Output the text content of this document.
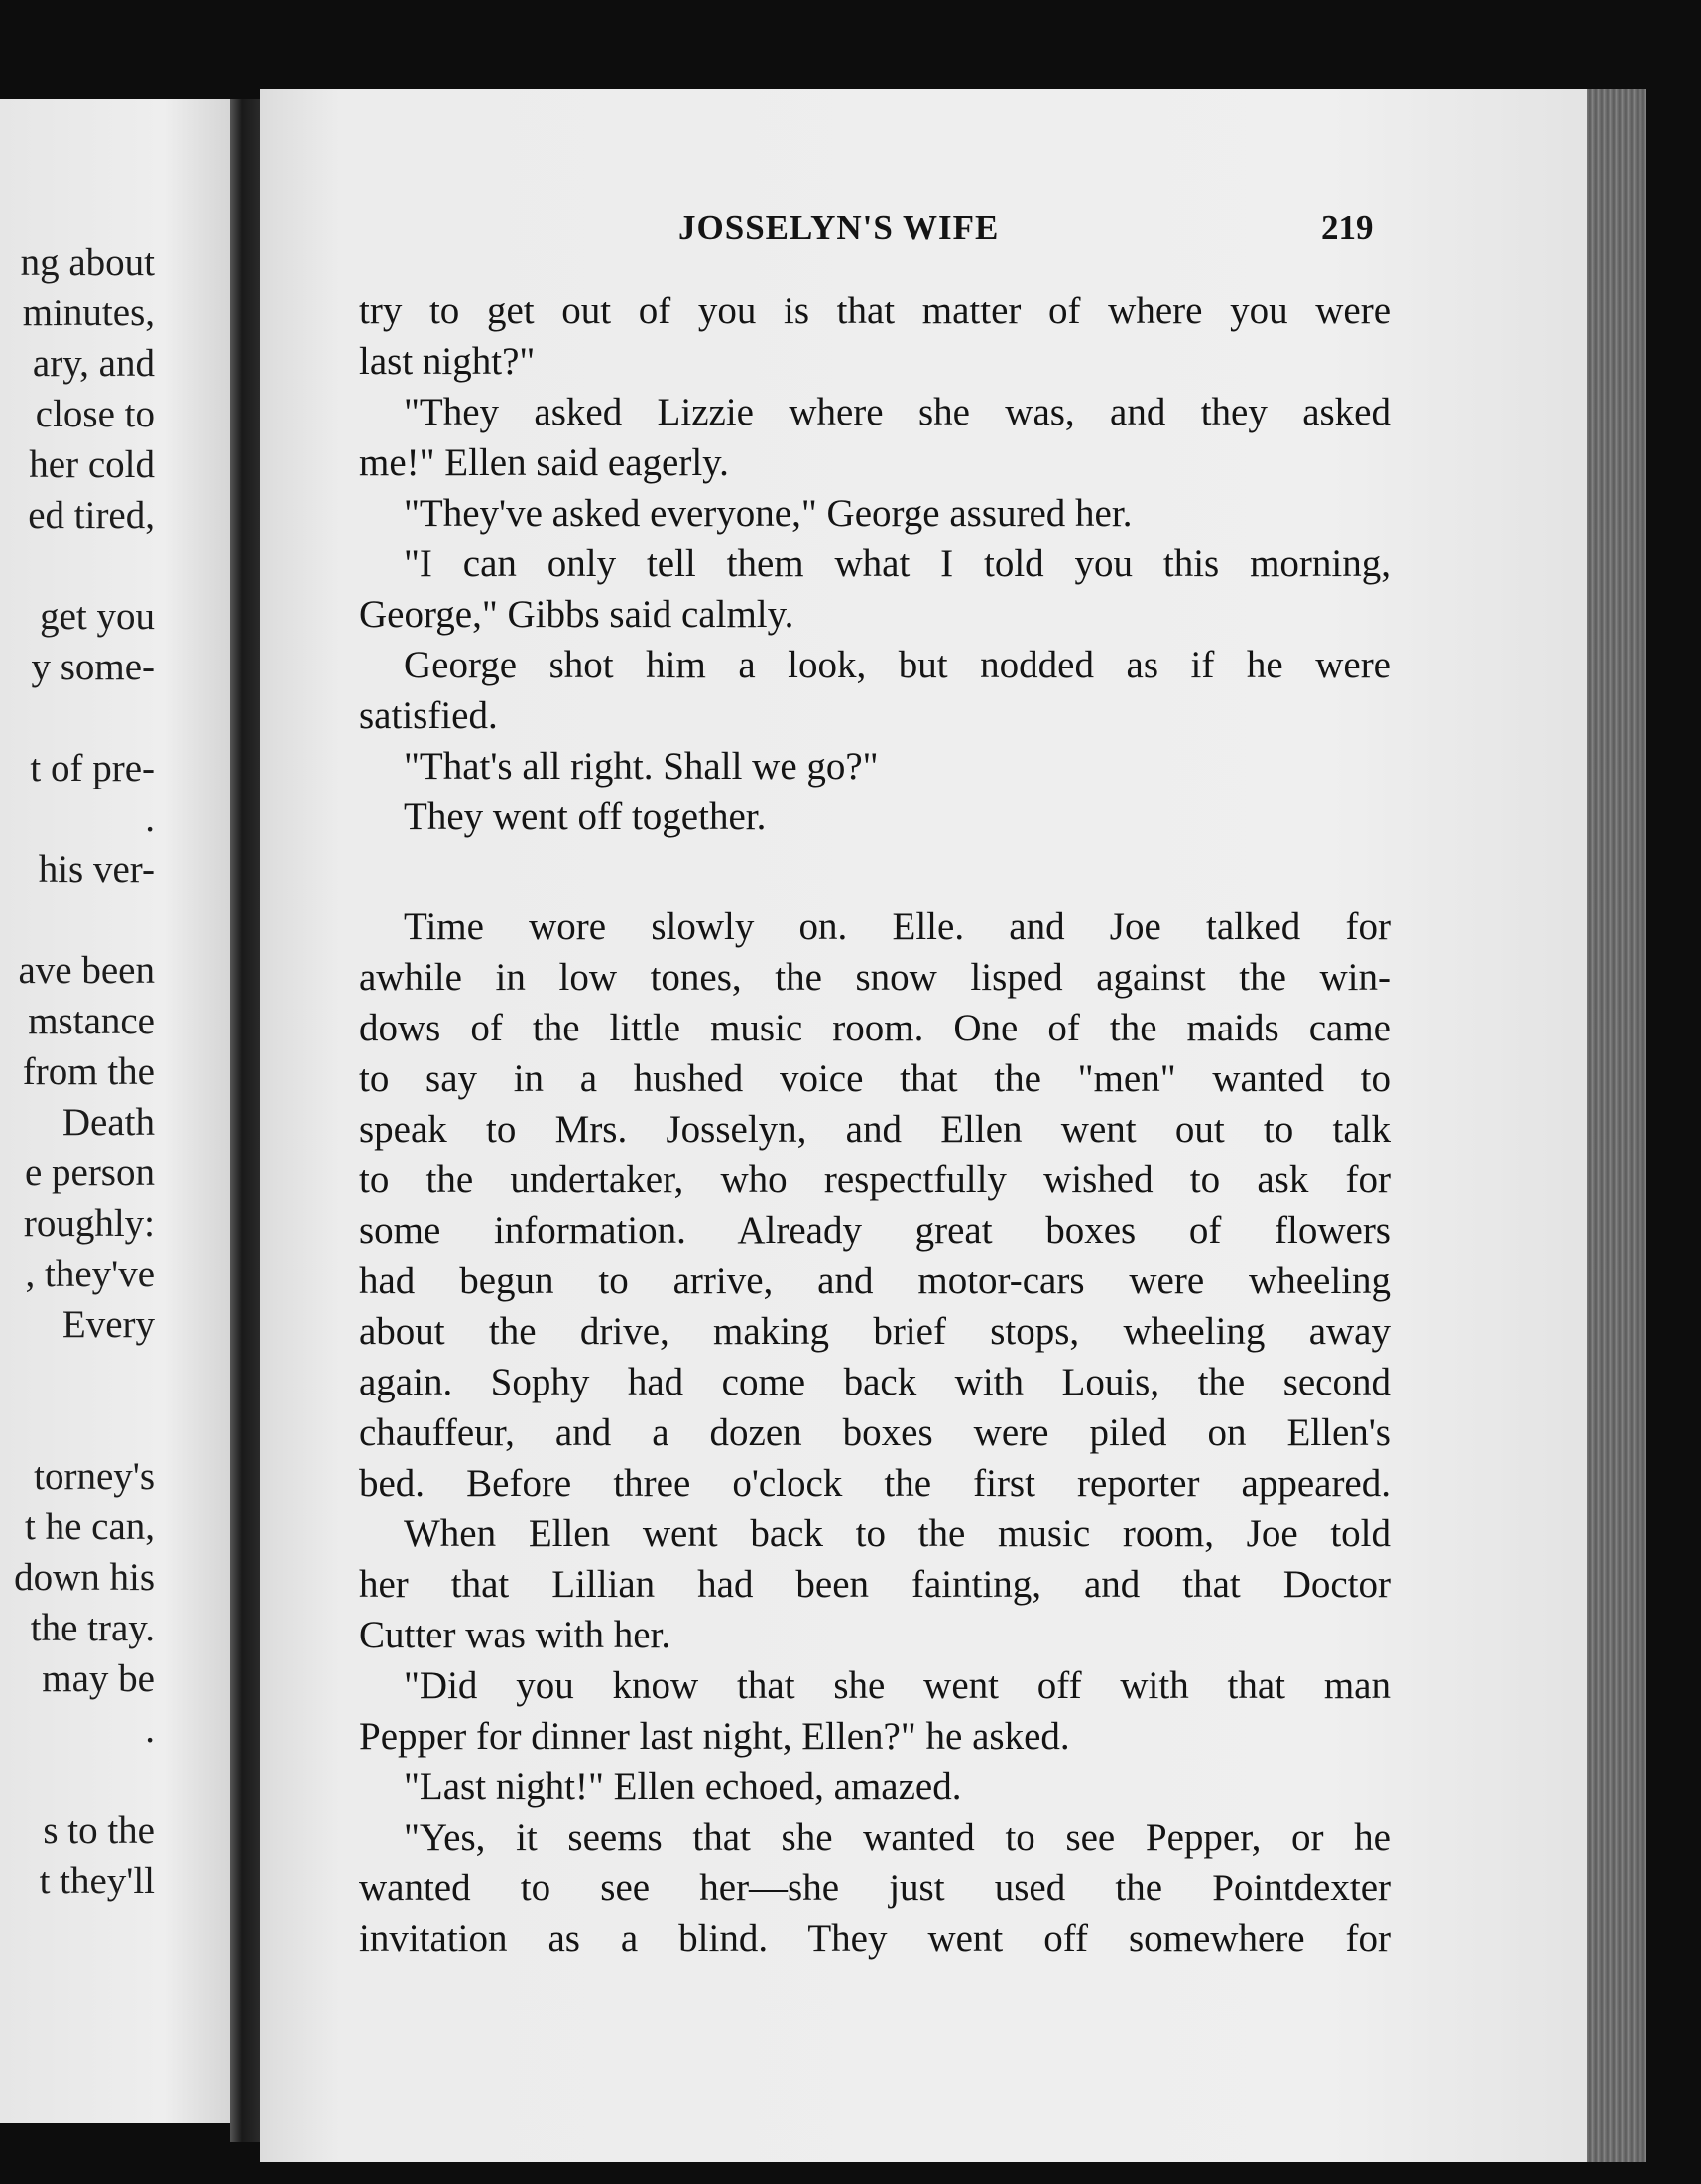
ng about
minutes,
ary, and
close to
her cold
ed tired,
get you
y some-
t of pre-
.
his ver-
ave been
mstance
from the
Death
e person
roughly:
, they've
Every
torney's
t he can,
down his
the tray.
may be
.
s to the
t they'll
JOSSELYN'S WIFE	219
try to get out of you is that matter of where you were
last night?"
"They asked Lizzie where she was, and they asked
me!" Ellen said eagerly.
"They've asked everyone," George assured her.
"I can only tell them what I told you this morning,
George," Gibbs said calmly.
George shot him a look, but nodded as if he were
satisfied.
"That's all right. Shall we go?"
They went off together.
Time wore slowly on. Elle. and Joe talked for
awhile in low tones, the snow lisped against the win-
dows of the little music room. One of the maids came
to say in a hushed voice that the "men" wanted to
speak to Mrs. Josselyn, and Ellen went out to talk
to the undertaker, who respectfully wished to ask for
some information. Already great boxes of flowers
had begun to arrive, and motor-cars were wheeling
about the drive, making brief stops, wheeling away
again. Sophy had come back with Louis, the second
chauffeur, and a dozen boxes were piled on Ellen's
bed. Before three o'clock the first reporter appeared.
When Ellen went back to the music room, Joe told
her that Lillian had been fainting, and that Doctor
Cutter was with her.
"Did you know that she went off with that man
Pepper for dinner last night, Ellen?" he asked.
"Last night!" Ellen echoed, amazed.
"Yes, it seems that she wanted to see Pepper, or he
wanted to see her—she just used the Pointdexter
invitation as a blind. They went off somewhere for
